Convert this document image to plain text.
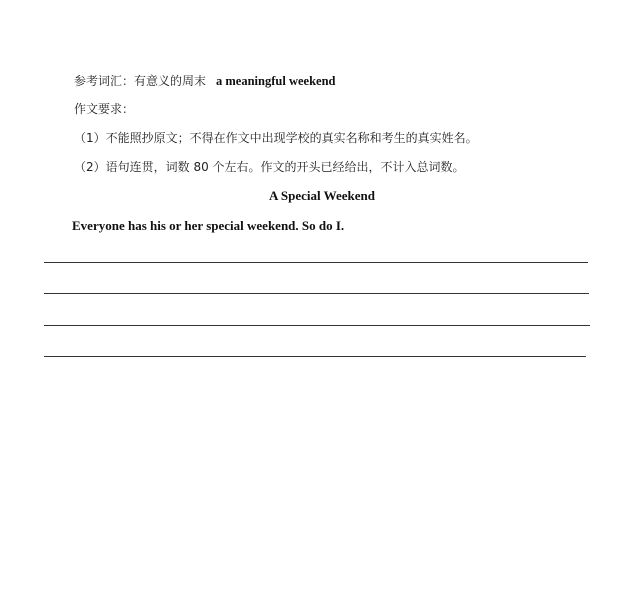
参考词汇：有意义的周末 a meaningful weekend
作文要求：
（1）不能照抄原文；不得在作文中出现学校的真实名称和考生的真实姓名。
（2）语句连贯，词数 80 个左右。作文的开头已经给出，不计入总词数。
A Special Weekend
Everyone has his or her special weekend. So do I.
